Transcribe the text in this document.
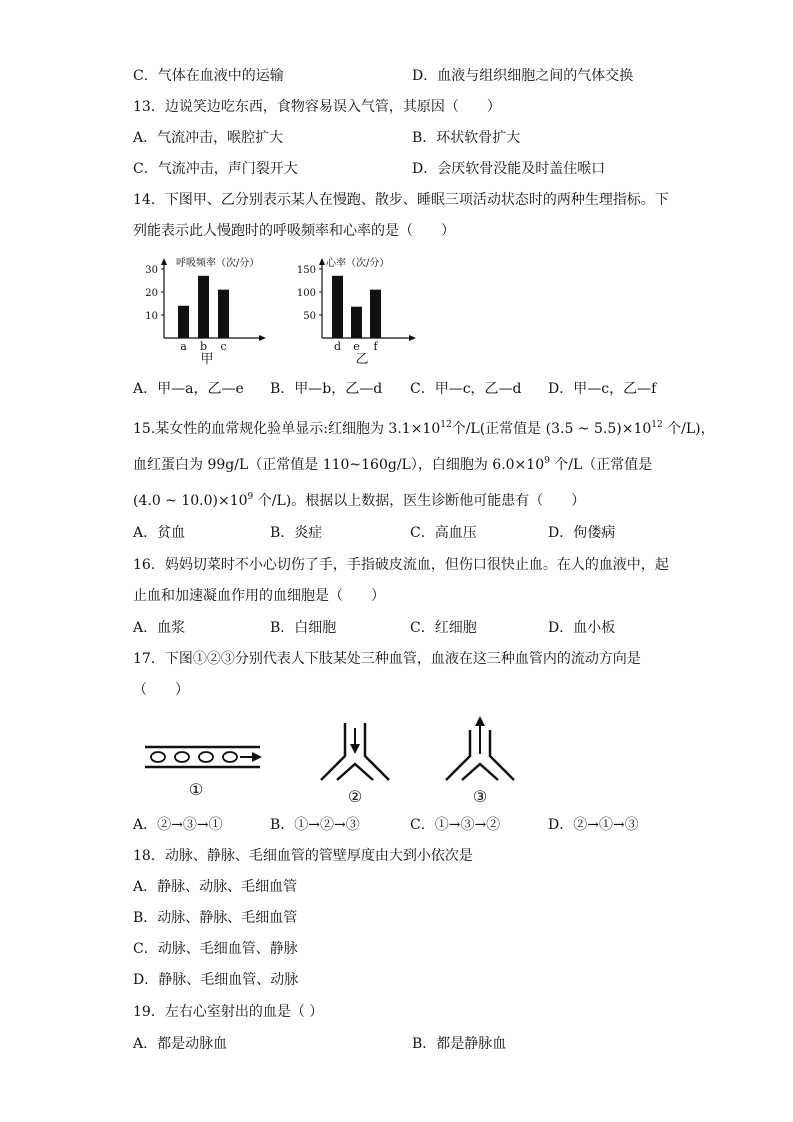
C．气体在血液中的运输	D．血液与组织细胞之间的气体交换
13．边说笑边吃东西，食物容易误入气管，其原因（　　）
A．气流冲击，喉腔扩大	B．环状软骨扩大
C．气流冲击，声门裂开大	D．会厌软骨没能及时盖住喉口
14．下图甲、乙分别表示某人在慢跑、散步、睡眠三项活动状态时的两种生理指标。下
列能表示此人慢跑时的呼吸频率和心率的是（　　）
呼吸频率（次/分）
30
20
10
a b c
甲
心率（次/分）
150
100
50
d e f
乙
A．甲—a，乙—e B．甲—b，乙—d C．甲—c，乙—d D．甲—c，乙—f
15.某女性的血常规化验单显示:红细胞为 $3.1\times 10^{12}$个/L(正常值是 (3.5 ~ $5.5)\times 10^{12}$ 个/L)，
血红蛋白为 99g/L（正常值是 110~160g/L），白细胞为 $6.0\times 10^9$ 个/L（正常值是
(4.0 ~ $10.0)\times 10^9$ 个/L)。根据以上数据，医生诊断他可能患有（　　）
A．贫血	B．炎症	C．高血压	D．佝偻病
16．妈妈切菜时不小心切伤了手，手指破皮流血，但伤口很快止血。在人的血液中，起
止血和加速凝血作用的血细胞是（　　）
A．血浆	B．白细胞	C．红细胞	D．血小板
17．下图①②③分别代表人下肢某处三种血管，血液在这三种血管内的流动方向是
（　　）
①	②	③
A．②→③→①	B．①→②→③	C．①→③→②	D．②→①→③
18．动脉、静脉、毛细血管的管壁厚度由大到小依次是
A．静脉、动脉、毛细血管
B．动脉、静脉、毛细血管
C．动脉、毛细血管、静脉
D．静脉、毛细血管、动脉
19．左右心室射出的血是（ ）
A．都是动脉血	B．都是静脉血
